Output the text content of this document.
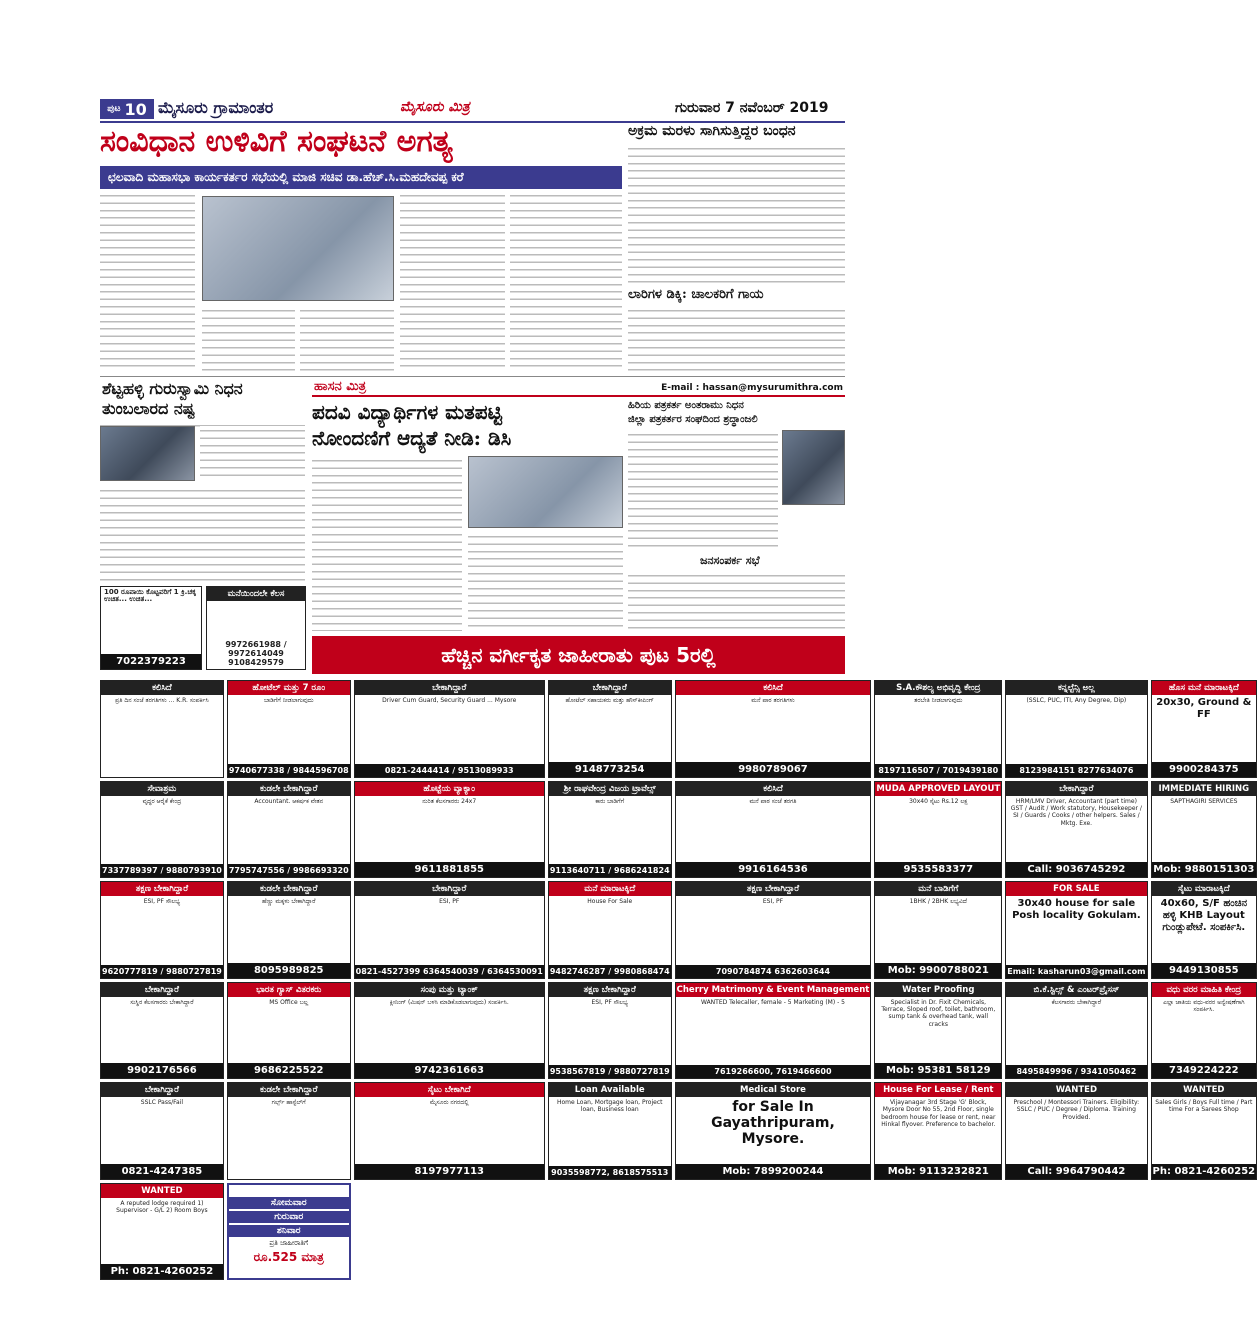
ಪುಟ 10 ಮೈಸೂರು ಗ್ರಾಮಾಂತರ	ಮೈಸೂರು ಮಿತ್ರ	ಗುರುವಾರ 7 ನವೆಂಬರ್ 2019
ಸಂವಿಧಾನ ಉಳಿವಿಗೆ ಸಂಘಟನೆ ಅಗತ್ಯ
ಛಲವಾದಿ ಮಹಾಸಭಾ ಕಾರ್ಯಕರ್ತರ ಸಭೆಯಲ್ಲಿ ಮಾಜಿ ಸಚಿವ ಡಾ.ಹೆಚ್.ಸಿ.ಮಹದೇವಪ್ಪ ಕರೆ
ಅಕ್ರಮ ಮರಳು ಸಾಗಿಸುತ್ತಿದ್ದರ ಬಂಧನ
ಲಾರಿಗಳ ಡಿಕ್ಕಿ: ಚಾಲಕರಿಗೆ ಗಾಯ
ಶೆಟ್ಟಹಳ್ಳಿ ಗುರುಸ್ವಾಮಿ ನಿಧನ
ತುಂಬಲಾರದ ನಷ್ಟ
100 ರೂಪಾಯಿ ಕೊಟ್ಟವರಿಗೆ 1 ಕ್ರಿ.ಚಕ್ಕ ಉಚಿತ... ಉಚಿತ...
7022379223
ಮನೆಯಿಂದಲೇ ಕೆಲಸ
9972661988 / 9972614049 9108429579
ಹಾಸನ ಮಿತ್ರ	E-mail : hassan@mysurumithra.com
ಪದವಿ ವಿದ್ಯಾರ್ಥಿಗಳ ಮತಪಟ್ಟಿ
ನೋಂದಣಿಗೆ ಆದ್ಯತೆ ನೀಡಿ: ಡಿಸಿ
ಹಿರಿಯ ಪತ್ರಕರ್ತ ಅಂತರಾಮು ನಿಧನ
ಜಿಲ್ಲಾ ಪತ್ರಕರ್ತರ ಸಂಘದಿಂದ ಶ್ರದ್ಧಾಂಜಲಿ
ಜನಸಂಪರ್ಕ ಸಭೆ
ಹೆಚ್ಚಿನ ವರ್ಗೀಕೃತ ಜಾಹೀರಾತು ಪುಟ 5ರಲ್ಲಿ
ಕಲಿಸಿದೆ
ಪ್ರತಿ ದಿನ ಸಂಜೆ ತರಗತಿಗಳು ... K.R. ಸಂಪರ್ಕಿಸಿ
ಹೋಟೆಲ್ ಮತ್ತು 7 ರೂಂ
ಬಾಡಿಗೆಗೆ ನೀಡಲಾಗುವುದು
9740677338 / 9844596708
ಬೇಕಾಗಿದ್ದಾರೆ
Driver Cum Guard, Security Guard ... Mysore
0821-2444414 / 9513089933
ಬೇಕಾಗಿದ್ದಾರೆ
ಹೋಟೆಲ್ ಸಹಾಯಕರು ಮತ್ತು ಹೌಸ್‌ಕೀಪಿಂಗ್
9148773254
ಕಲಿಸಿದೆ
ಮನೆ ಪಾಠ ತರಗತಿಗಳು
9980789067
S.A.ಕೌಶಲ್ಯ ಅಭಿವೃದ್ಧಿ ಕೇಂದ್ರ
ತರಬೇತಿ ನೀಡಲಾಗುವುದು
8197116507 / 7019439180
ಕನ್ನಲ್ಟೆನ್ಸಿ ಅಲ್ಲ
(SSLC, PUC, ITI, Any Degree, Dip)
8123984151 8277634076
ಹೊಸ ಮನೆ ಮಾರಾಟಕ್ಕಿದೆ
20x30, Ground & FF
9900284375
ಸೇವಾಶ್ರಮ
ವೃದ್ಧರ ಆರೈಕೆ ಕೇಂದ್ರ
7337789397 / 9880793910
ಕುಡಲೇ ಬೇಕಾಗಿದ್ದಾರೆ
Accountant. ಆಕರ್ಷಕ ವೇತನ
7795747556 / 9986693320
ಹೊಟ್ಟೆಯ ವ್ಯಾಕ್ಯಾಂ
ನುರಿತ ಕೆಲಸಗಾರರು 24x7
9611881855
ಶ್ರೀ ರಾಘವೇಂದ್ರ ವಿಜಯ ಟ್ರಾವೆಲ್ಸ್
ಕಾರು ಬಾಡಿಗೆಗೆ
9113640711 / 9686241824
ಕಲಿಸಿದೆ
ಮನೆ ಪಾಠ ಸಂಜೆ ತರಗತಿ
9916164536
MUDA APPROVED LAYOUT
30x40 ಸೈಟು Rs.12 ಲಕ್ಷ
9535583377
ಬೇಕಾಗಿದ್ದಾರೆ
HRM/LMV Driver, Accountant (part time) GST / Audit / Work statutory, Housekeeper / SI / Guards / Cooks / other helpers. Sales / Mktg. Exe.
Call: 9036745292
IMMEDIATE HIRING
SAPTHAGIRI SERVICES
Mob: 9880151303
ತಕ್ಷಣ ಬೇಕಾಗಿದ್ದಾರೆ
ESI, PF ಸೌಲಭ್ಯ
9620777819 / 9880727819
ಕುಡಲೇ ಬೇಕಾಗಿದ್ದಾರೆ
ಹೆಣ್ಣು ಮಕ್ಕಳು ಬೇಕಾಗಿದ್ದಾರೆ
8095989825
ಬೇಕಾಗಿದ್ದಾರೆ
ESI, PF
0821-4527399 6364540039 / 6364530091
ಮನೆ ಮಾರಾಟಕ್ಕಿದೆ
House For Sale
9482746287 / 9980868474
ತಕ್ಷಣ ಬೇಕಾಗಿದ್ದಾರೆ
ESI, PF
7090784874 6362603644
ಮನೆ ಬಾಡಿಗೆಗೆ
1BHK / 2BHK ಲಭ್ಯವಿದೆ
Mob: 9900788021
FOR SALE
30x40 house for sale Posh locality Gokulam.
Email: kasharun03@gmail.com
ಸೈಟು ಮಾರಾಟಕ್ಕಿದೆ
40x60, S/F ಹಂಚಿನ ಹಳ್ಳಿ KHB Layout ಗುಂಡ್ಲುಪೇಟೆ. ಸಂಪರ್ಕಿಸಿ.
9449130855
ಬೇಕಾಗಿದ್ದಾರೆ
ಸುಸ್ಥಿರ ಕೆಲಸಗಾರರು ಬೇಕಾಗಿದ್ದಾರೆ
9902176566
ಭಾರತ ಗ್ಯಾಸ್ ವಿತರಕರು
MS Office ಬಲ್ಲ
9686225522
ಸಂಪು ಮತ್ತು ಟ್ಯಾಂಕ್
ಕ್ಲೀನಿಂಗ್ (ಮಿಷನ್ ಬಳಸಿ ಮಾಡಿಕೊಡಲಾಗುವುದು) ಸಂಪರ್ಕಿಸಿ.
9742361663
ತಕ್ಷಣ ಬೇಕಾಗಿದ್ದಾರೆ
ESI, PF ಸೌಲಭ್ಯ
9538567819 / 9880727819
Cherry Matrimony & Event Management
WANTED Telecaller, female - 5 Marketing (M) - 5
7619266600, 7619466600
Water Proofing
Specialist in Dr. Fixit Chemicals, Terrace, Sloped roof, toilet, bathroom, sump tank & overhead tank, wall cracks
Mob: 95381 58129
ಬಿ.ಕೆ.ಸ್ಟಿಲ್ಸ್ & ಎಂಟರ್‌ಪ್ರೈಸಸ್
ಕೆಲಸಗಾರರು ಬೇಕಾಗಿದ್ದಾರೆ
8495849996 / 9341050462
ವಧು ವರರ ಮಾಹಿತಿ ಕೇಂದ್ರ
ಎಲ್ಲಾ ಜಾತಿಯ ವಧು-ವರರ ಅನ್ವೇಷಣೆಗಾಗಿ ಸಂಪರ್ಕಿಸಿ.
7349224222
ಬೇಕಾಗಿದ್ದಾರೆ
SSLC Pass/Fail
0821-4247385
ಕುಡಲೇ ಬೇಕಾಗಿದ್ದಾರೆ
ಗರ್ಲ್ಸ್ ಹಾಸ್ಟೆಲ್‌ಗೆ
ಸೈಟು ಬೇಕಾಗಿದೆ
ಮೈಸೂರು ನಗರದಲ್ಲಿ
8197977113
Loan Available
Home Loan, Mortgage loan, Project loan, Business loan
9035598772, 8618575513
Medical Store
for Sale In Gayathripuram, Mysore.
Mob: 7899200244
House For Lease / Rent
Vijayanagar 3rd Stage 'G' Block, Mysore Door No 55, 2nd Floor, single bedroom house for lease or rent, near Hinkal flyover. Preference to bachelor.
Mob: 9113232821
WANTED
Preschool / Montessori Trainers. Eligibility: SSLC / PUC / Degree / Diploma. Training Provided.
Call: 9964790442
WANTED
Sales Girls / Boys Full time / Part time For a Sarees Shop
Ph: 0821-4260252
WANTED
A reputed lodge required 1) Supervisor - G/L 2) Room Boys
Ph: 0821-4260252
ಸೋಮವಾರ
ಗುರುವಾರ
ಶನಿವಾರ
ಪ್ರತಿ ಜಾಹೀರಾತಿಗೆ
ರೂ.525 ಮಾತ್ರ
